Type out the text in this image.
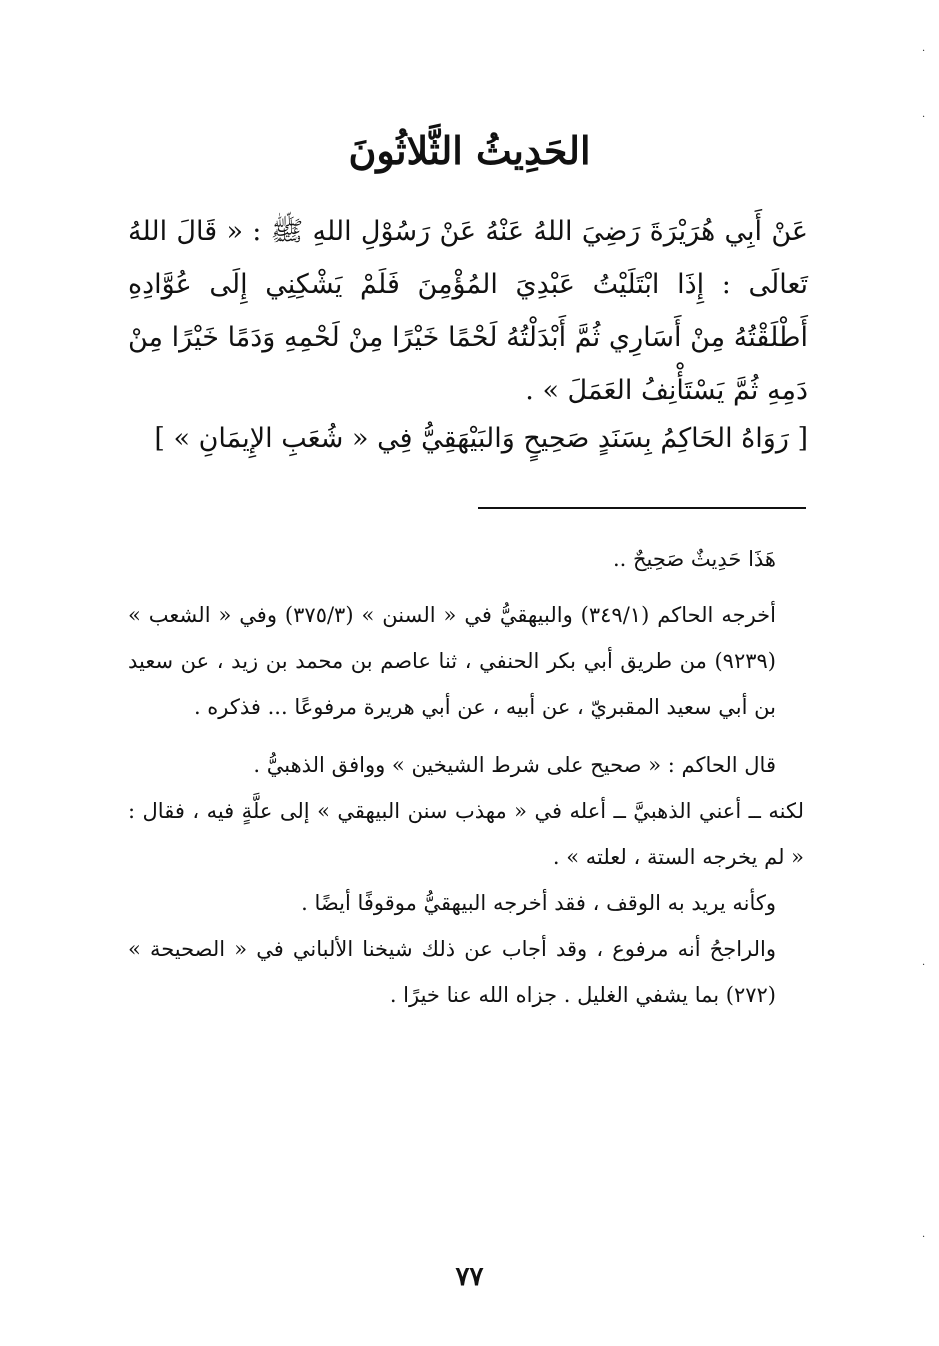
·
·
·
·
الحَدِيثُ الثَّلاثُونَ

عَنْ أَبِي هُرَيْرَةَ رَضِيَ اللهُ عَنْهُ عَنْ رَسُوْلِ اللهِ ﷺ : « قَالَ اللهُ تَعالَى : إِذَا ابْتَلَيْتُ عَبْدِيَ المُؤْمِنَ فَلَمْ يَشْكِنِي إِلَى عُوَّادِهِ أَطْلَقْتُهُ مِنْ أَسَارِي ثُمَّ أَبْدَلْتُهُ لَحْمًا خَيْرًا مِنْ لَحْمِهِ وَدَمًا خَيْرًا مِنْ دَمِهِ ثُمَّ يَسْتَأْنِفُ العَمَلَ » .

[ رَوَاهُ الحَاكِمُ بِسَنَدٍ صَحِيحٍ وَالبَيْهَقِيُّ فِي « شُعَبِ الإِيمَانِ » ]

هَذَا حَدِيثٌ صَحِيحٌ ..

أخرجه الحاكم (٣٤٩/١) والبيهقيُّ في « السنن » (٣٧٥/٣) وفي « الشعب » (٩٢٣٩) من طريق أبي بكر الحنفي ، ثنا عاصم بن محمد بن زيد ، عن سعيد بن أبي سعيد المقبريّ ، عن أبيه ، عن أبي هريرة مرفوعًا ... فذكره .

قال الحاكم : « صحيح على شرط الشيخين » ووافق الذهبيُّ .

لكنه ــ أعني الذهبيَّ ــ أعله في « مهذب سنن البيهقي » إلى علَّةٍ فيه ، فقال : « لم يخرجه الستة ، لعلته » .

وكأنه يريد به الوقف ، فقد أخرجه البيهقيُّ موقوفًا أيضًا .

والراجحُ أنه مرفوع ، وقد أجاب عن ذلك شيخنا الألباني في « الصحيحة » (٢٧٢) بما يشفي الغليل . جزاه الله عنا خيرًا .

٧٧
